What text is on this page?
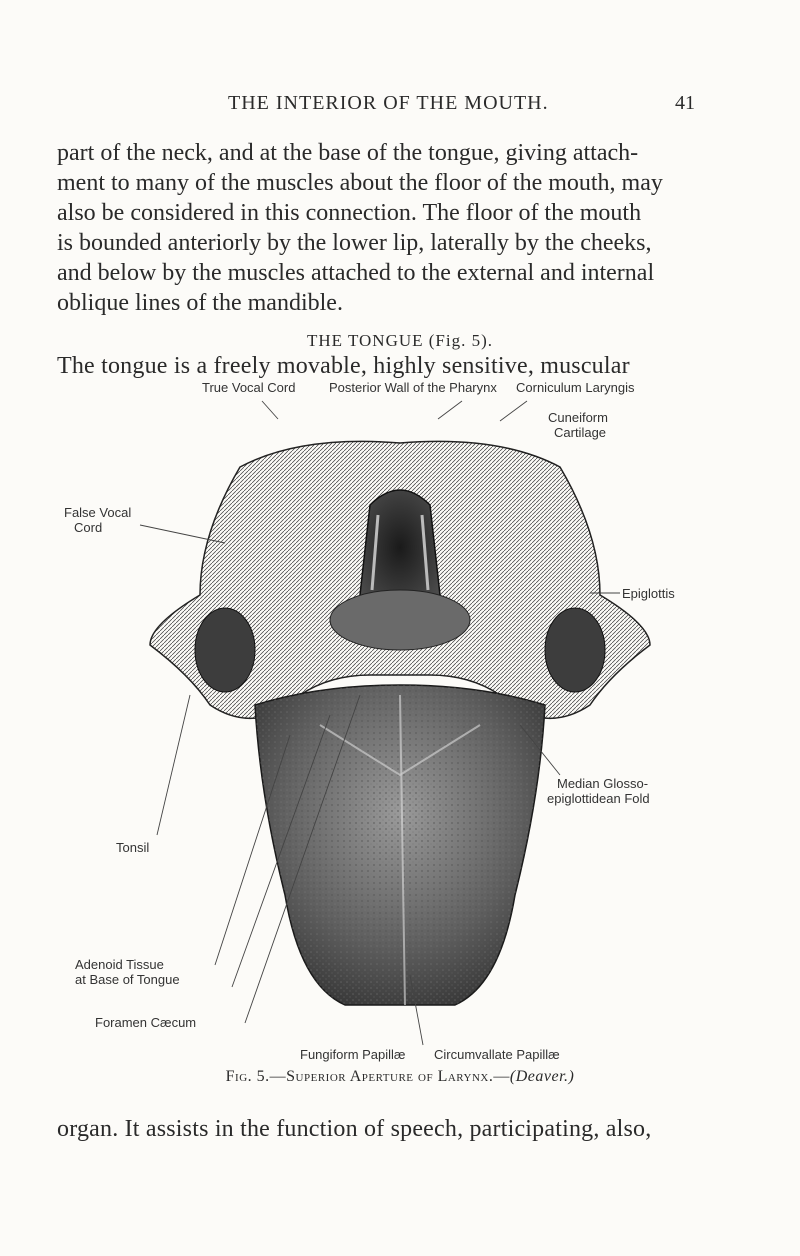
THE INTERIOR OF THE MOUTH.	41
part of the neck, and at the base of the tongue, giving attach-
ment to many of the muscles about the floor of the mouth, may
also be considered in this connection. The floor of the mouth
is bounded anteriorly by the lower lip, laterally by the cheeks,
and below by the muscles attached to the external and internal
oblique lines of the mandible.
THE TONGUE (Fig. 5).
The tongue is a freely movable, highly sensitive, muscular
True Vocal Cord	Posterior Wall of the Pharynx Corniculum Laryngis
Cuneiform
Cartilage
False Vocal
Cord
Epiglottis
Median Glosso-
epiglottidean Fold
Tonsil
Adenoid Tissue
at Base of Tongue
Foramen Cæcum
Fungiform Papillæ Circumvallate Papillæ
Fig. 5.—Superior Aperture of Larynx.—(Deaver.)
organ. It assists in the function of speech, participating, also,
